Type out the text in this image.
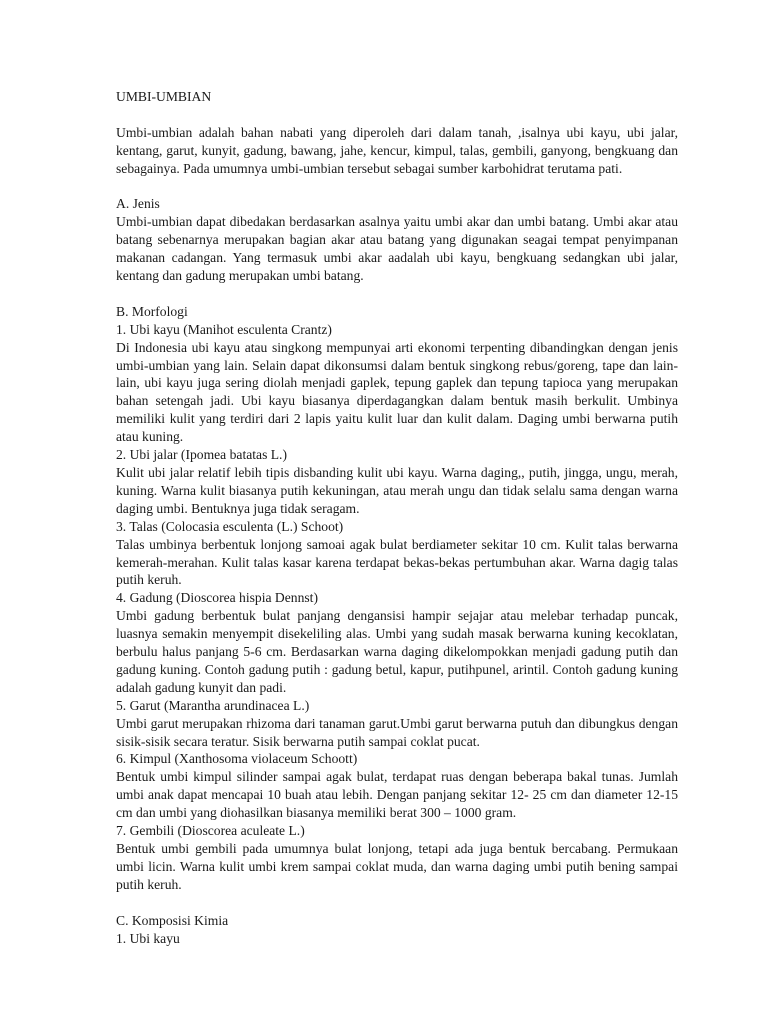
UMBI-UMBIAN

Umbi-umbian adalah bahan nabati yang diperoleh dari dalam tanah, ,isalnya ubi kayu, ubi jalar, kentang, garut, kunyit, gadung, bawang, jahe, kencur, kimpul, talas, gembili, ganyong, bengkuang dan sebagainya. Pada umumnya umbi-umbian tersebut sebagai sumber karbohidrat terutama pati.

A. Jenis

Umbi-umbian dapat dibedakan berdasarkan asalnya yaitu umbi akar dan umbi batang. Umbi akar atau batang sebenarnya merupakan bagian akar atau batang yang digunakan seagai tempat penyimpanan makanan cadangan. Yang termasuk umbi akar aadalah ubi kayu, bengkuang sedangkan ubi jalar, kentang dan gadung merupakan umbi batang.

B. Morfologi

1. Ubi kayu (Manihot esculenta Crantz)

Di Indonesia ubi kayu atau singkong mempunyai arti ekonomi terpenting dibandingkan dengan jenis umbi-umbian yang lain. Selain dapat dikonsumsi dalam bentuk singkong rebus/goreng, tape dan lain-lain, ubi kayu juga sering diolah menjadi gaplek, tepung gaplek dan tepung tapioca yang merupakan bahan setengah jadi. Ubi kayu biasanya diperdagangkan dalam bentuk masih berkulit. Umbinya memiliki kulit yang terdiri dari 2 lapis yaitu kulit luar dan kulit dalam. Daging umbi berwarna putih atau kuning.

2. Ubi jalar (Ipomea batatas L.)

Kulit ubi jalar relatif lebih tipis disbanding kulit ubi kayu. Warna daging,, putih, jingga, ungu, merah, kuning. Warna kulit biasanya putih kekuningan, atau merah ungu dan tidak selalu sama dengan warna daging umbi. Bentuknya juga tidak seragam.

3. Talas (Colocasia esculenta (L.) Schoot)

Talas umbinya berbentuk lonjong samoai agak bulat berdiameter sekitar 10 cm. Kulit talas berwarna kemerah-merahan. Kulit talas kasar karena terdapat bekas-bekas pertumbuhan akar. Warna dagig talas putih keruh.

4. Gadung (Dioscorea hispia Dennst)

Umbi gadung berbentuk bulat panjang dengansisi hampir sejajar atau melebar terhadap puncak, luasnya semakin menyempit disekeliling alas. Umbi yang sudah masak berwarna kuning kecoklatan, berbulu halus panjang 5-6 cm. Berdasarkan warna daging dikelompokkan menjadi gadung putih dan gadung kuning. Contoh gadung putih : gadung betul, kapur, putihpunel, arintil. Contoh gadung kuning adalah gadung kunyit dan padi.

5. Garut (Marantha arundinacea L.)

Umbi garut merupakan rhizoma dari tanaman garut.Umbi garut berwarna putuh dan dibungkus dengan sisik-sisik secara teratur. Sisik berwarna putih sampai coklat pucat.

6. Kimpul (Xanthosoma violaceum Schoott)

Bentuk umbi kimpul silinder sampai agak bulat, terdapat ruas dengan beberapa bakal tunas. Jumlah umbi anak dapat mencapai 10 buah atau lebih. Dengan panjang sekitar 12- 25 cm dan diameter 12-15 cm dan umbi yang diohasilkan biasanya memiliki berat 300 – 1000 gram.

7. Gembili (Dioscorea aculeate L.)

Bentuk umbi gembili pada umumnya bulat lonjong, tetapi ada juga bentuk bercabang. Permukaan umbi licin. Warna kulit umbi krem sampai coklat muda, dan warna daging umbi putih bening sampai putih keruh.

C. Komposisi Kimia

1. Ubi kayu
